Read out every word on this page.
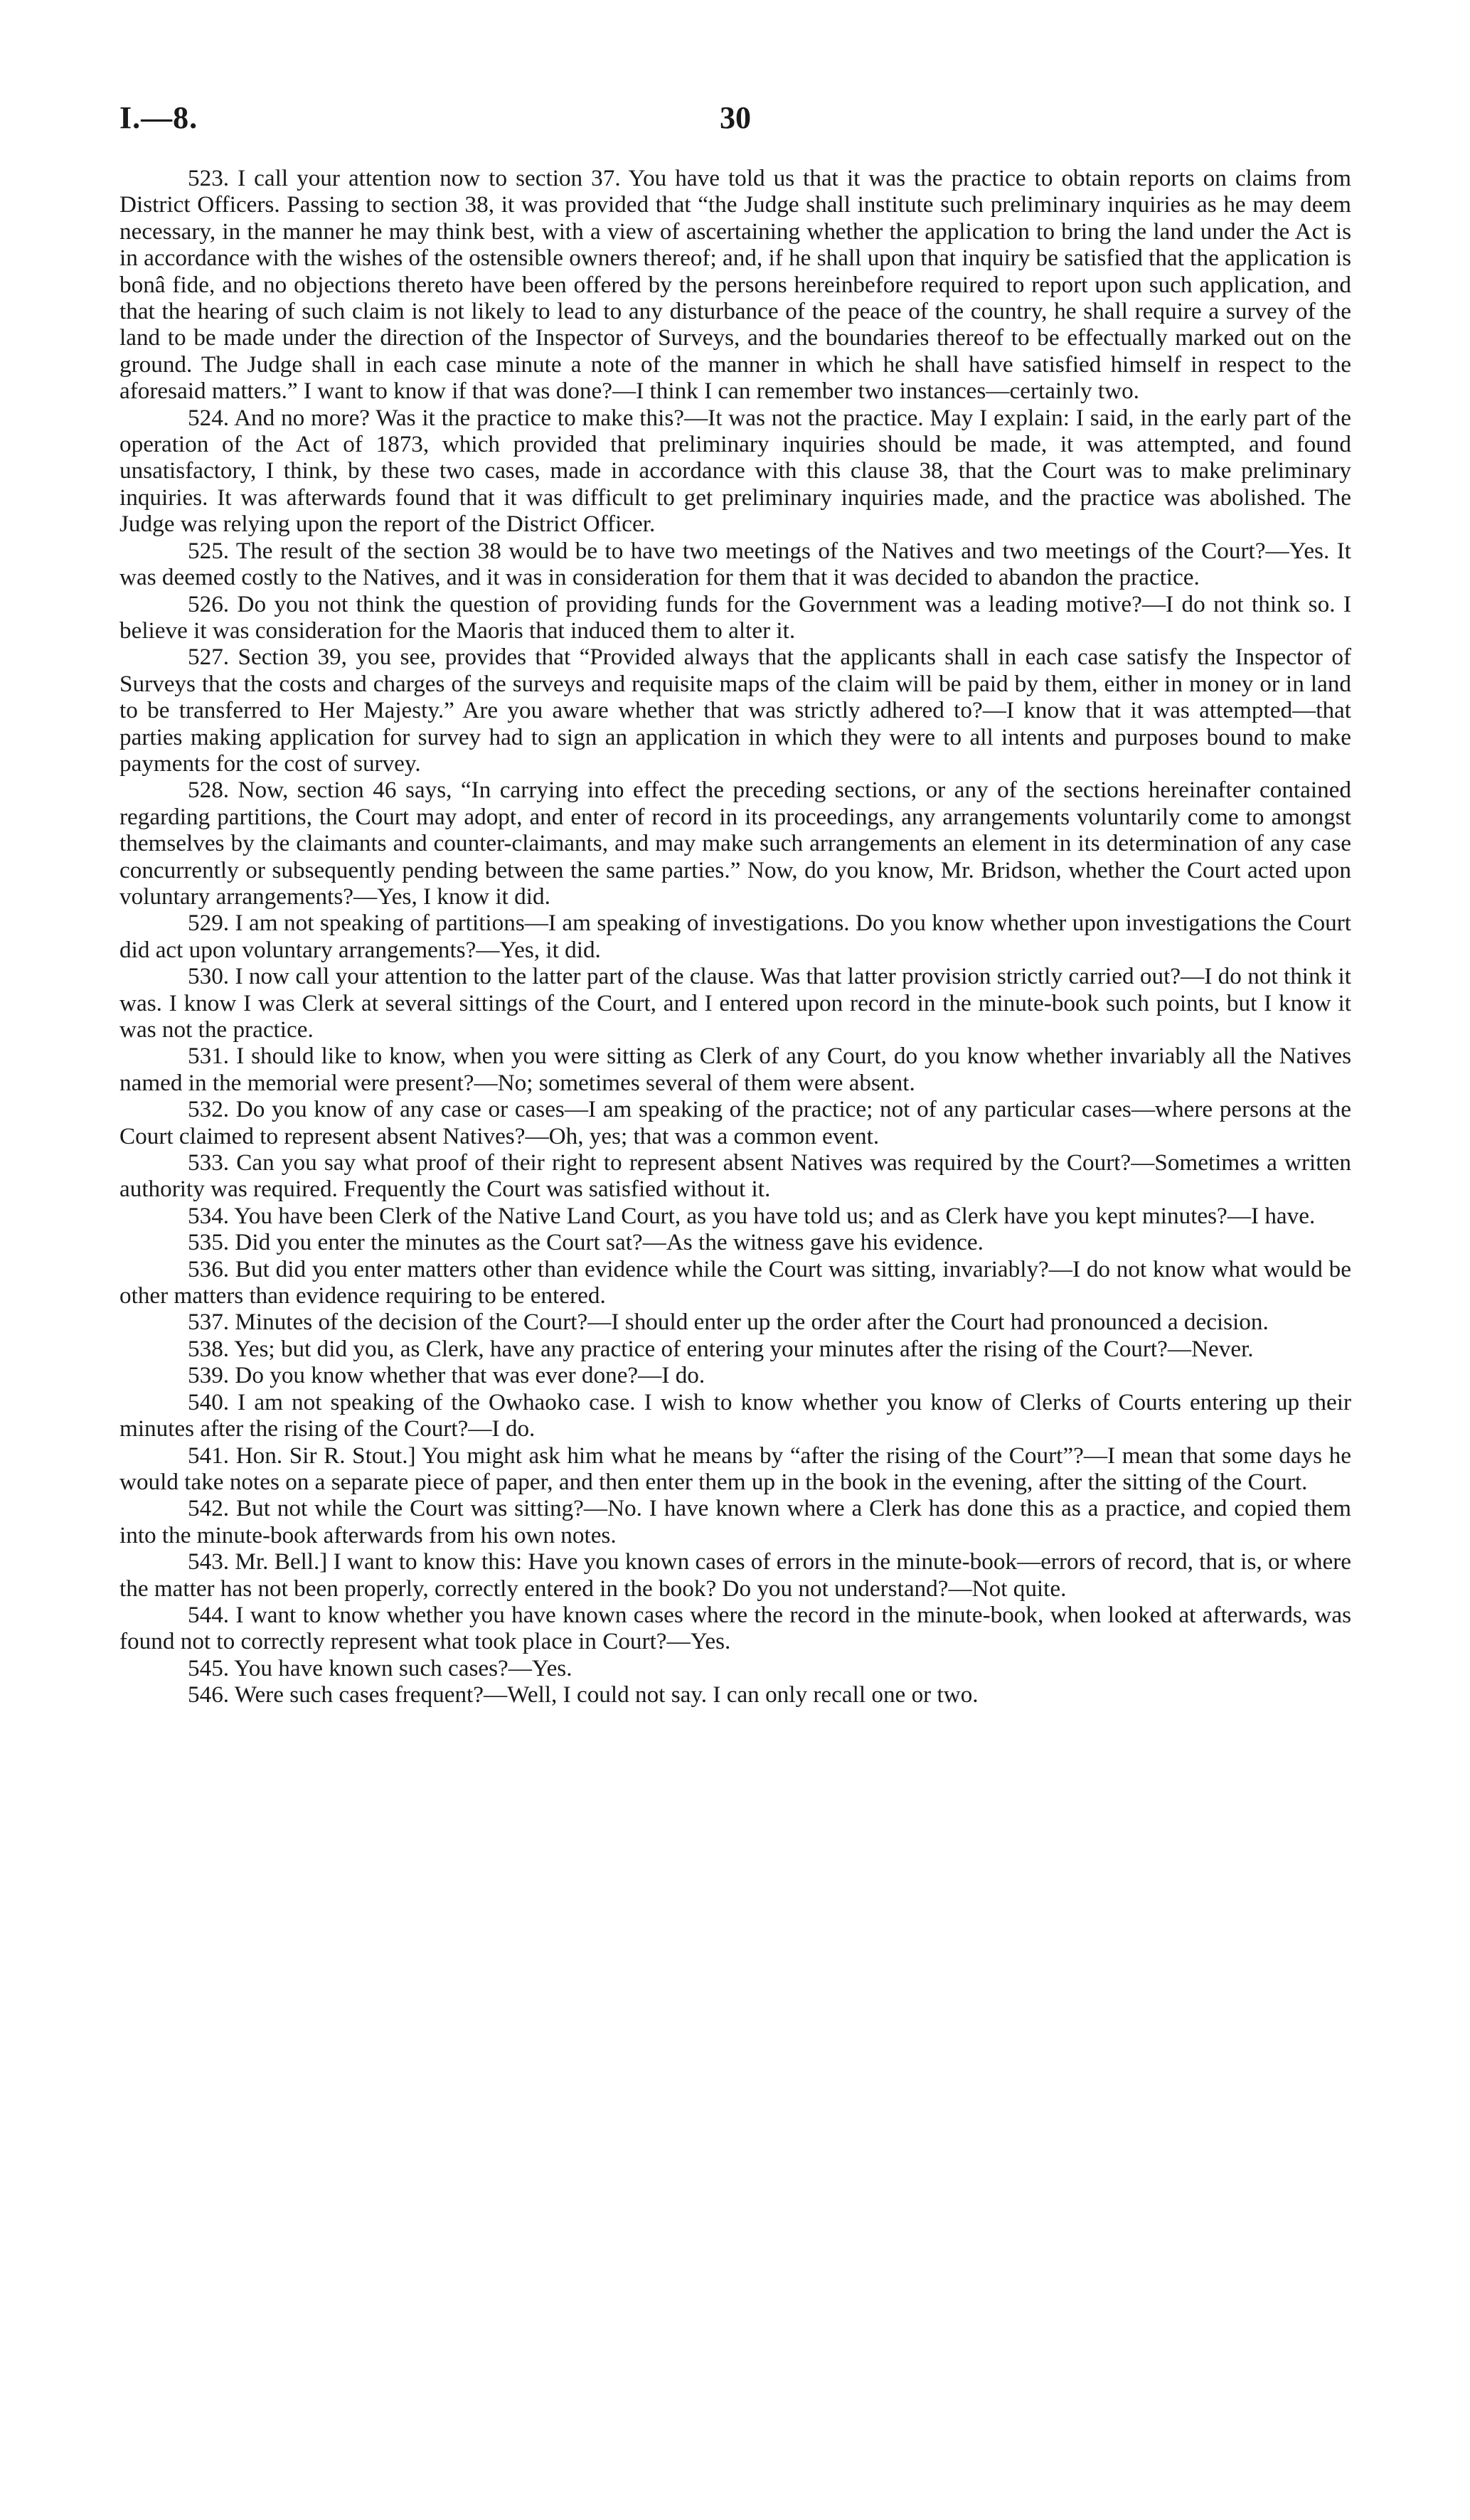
I.—8.	30

523. I call your attention now to section 37. You have told us that it was the practice to obtain reports on claims from District Officers. Passing to section 38, it was provided that “the Judge shall institute such preliminary inquiries as he may deem necessary, in the manner he may think best, with a view of ascertaining whether the application to bring the land under the Act is in accordance with the wishes of the ostensible owners thereof; and, if he shall upon that inquiry be satisfied that the application is bonâ fide, and no objections thereto have been offered by the persons hereinbefore required to report upon such application, and that the hearing of such claim is not likely to lead to any disturbance of the peace of the country, he shall require a survey of the land to be made under the direction of the Inspector of Surveys, and the boundaries thereof to be effectually marked out on the ground. The Judge shall in each case minute a note of the manner in which he shall have satisfied himself in respect to the aforesaid matters.” I want to know if that was done?—I think I can remember two instances—certainly two.

524. And no more? Was it the practice to make this?—It was not the practice. May I explain: I said, in the early part of the operation of the Act of 1873, which provided that preliminary inquiries should be made, it was attempted, and found unsatisfactory, I think, by these two cases, made in accordance with this clause 38, that the Court was to make preliminary inquiries. It was afterwards found that it was difficult to get preliminary inquiries made, and the practice was abolished. The Judge was relying upon the report of the District Officer.

525. The result of the section 38 would be to have two meetings of the Natives and two meetings of the Court?—Yes. It was deemed costly to the Natives, and it was in consideration for them that it was decided to abandon the practice.

526. Do you not think the question of providing funds for the Government was a leading motive?—I do not think so. I believe it was consideration for the Maoris that induced them to alter it.

527. Section 39, you see, provides that “Provided always that the applicants shall in each case satisfy the Inspector of Surveys that the costs and charges of the surveys and requisite maps of the claim will be paid by them, either in money or in land to be transferred to Her Majesty.” Are you aware whether that was strictly adhered to?—I know that it was attempted—that parties making application for survey had to sign an application in which they were to all intents and purposes bound to make payments for the cost of survey.

528. Now, section 46 says, “In carrying into effect the preceding sections, or any of the sections hereinafter contained regarding partitions, the Court may adopt, and enter of record in its proceedings, any arrangements voluntarily come to amongst themselves by the claimants and counter-claimants, and may make such arrangements an element in its determination of any case concurrently or subsequently pending between the same parties.” Now, do you know, Mr. Bridson, whether the Court acted upon voluntary arrangements?—Yes, I know it did.

529. I am not speaking of partitions—I am speaking of investigations. Do you know whether upon investigations the Court did act upon voluntary arrangements?—Yes, it did.

530. I now call your attention to the latter part of the clause. Was that latter provision strictly carried out?—I do not think it was. I know I was Clerk at several sittings of the Court, and I entered upon record in the minute-book such points, but I know it was not the practice.

531. I should like to know, when you were sitting as Clerk of any Court, do you know whether invariably all the Natives named in the memorial were present?—No; sometimes several of them were absent.

532. Do you know of any case or cases—I am speaking of the practice; not of any particular cases—where persons at the Court claimed to represent absent Natives?—Oh, yes; that was a common event.

533. Can you say what proof of their right to represent absent Natives was required by the Court?—Sometimes a written authority was required. Frequently the Court was satisfied without it.

534. You have been Clerk of the Native Land Court, as you have told us; and as Clerk have you kept minutes?—I have.

535. Did you enter the minutes as the Court sat?—As the witness gave his evidence.

536. But did you enter matters other than evidence while the Court was sitting, invariably?—I do not know what would be other matters than evidence requiring to be entered.

537. Minutes of the decision of the Court?—I should enter up the order after the Court had pronounced a decision.

538. Yes; but did you, as Clerk, have any practice of entering your minutes after the rising of the Court?—Never.

539. Do you know whether that was ever done?—I do.

540. I am not speaking of the Owhaoko case. I wish to know whether you know of Clerks of Courts entering up their minutes after the rising of the Court?—I do.

541. Hon. Sir R. Stout.] You might ask him what he means by “after the rising of the Court”?—I mean that some days he would take notes on a separate piece of paper, and then enter them up in the book in the evening, after the sitting of the Court.

542. But not while the Court was sitting?—No. I have known where a Clerk has done this as a practice, and copied them into the minute-book afterwards from his own notes.

543. Mr. Bell.] I want to know this: Have you known cases of errors in the minute-book—errors of record, that is, or where the matter has not been properly, correctly entered in the book? Do you not understand?—Not quite.

544. I want to know whether you have known cases where the record in the minute-book, when looked at afterwards, was found not to correctly represent what took place in Court?—Yes.

545. You have known such cases?—Yes.

546. Were such cases frequent?—Well, I could not say. I can only recall one or two.
